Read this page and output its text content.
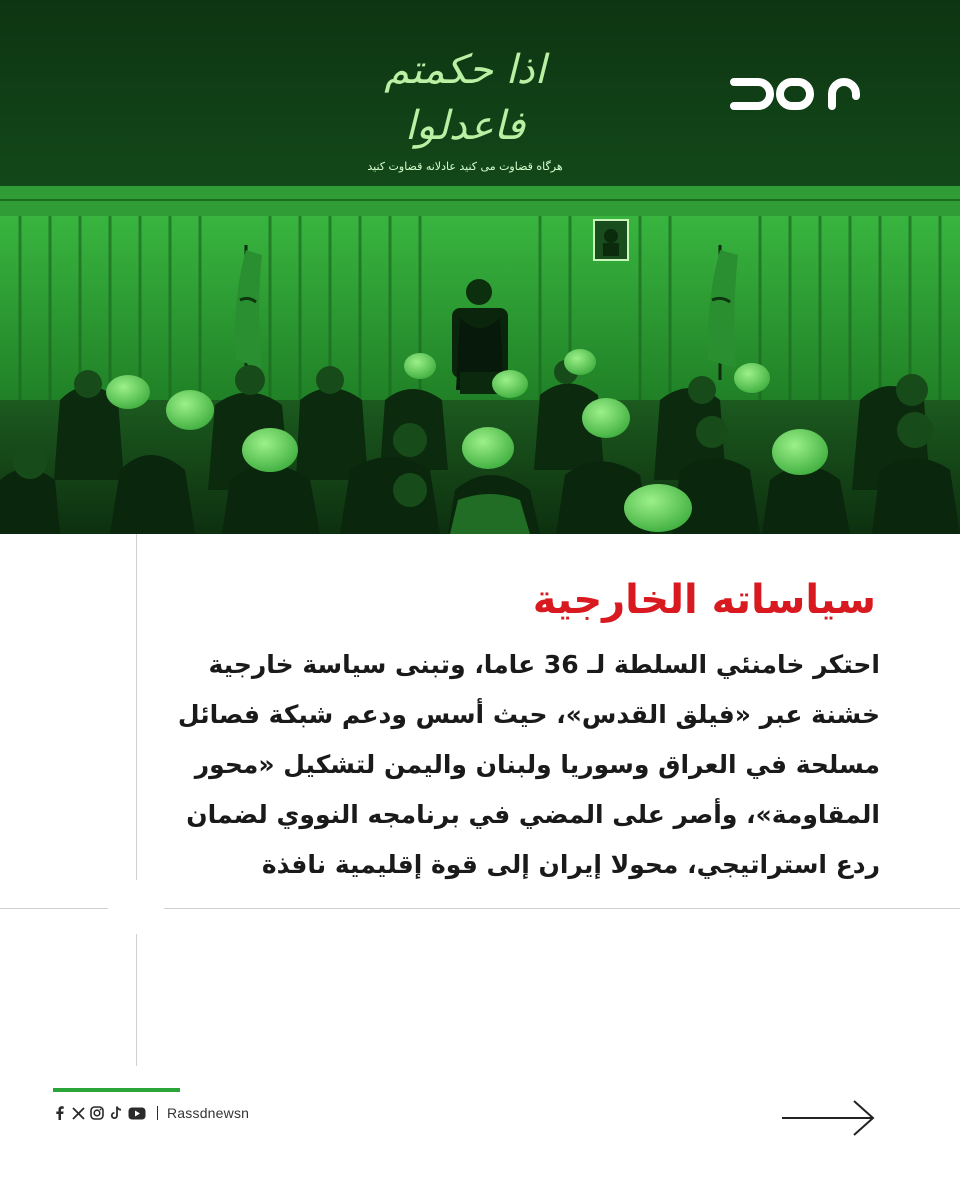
اذا حكمتم فاعدلوا
هرگاه قضاوت می کنید عادلانه قضاوت کنید
سياساته الخارجية
احتكر خامنئي السلطة لـ 36 عاما، وتبنى سياسة خارجية خشنة عبر «فيلق القدس»، حيث أسس ودعم شبكة فصائل مسلحة في العراق وسوريا ولبنان واليمن لتشكيل «محور المقاومة»، وأصر على المضي في برنامجه النووي لضمان ردع استراتيجي، محولا إيران إلى قوة إقليمية نافذة
Rassdnewsn
